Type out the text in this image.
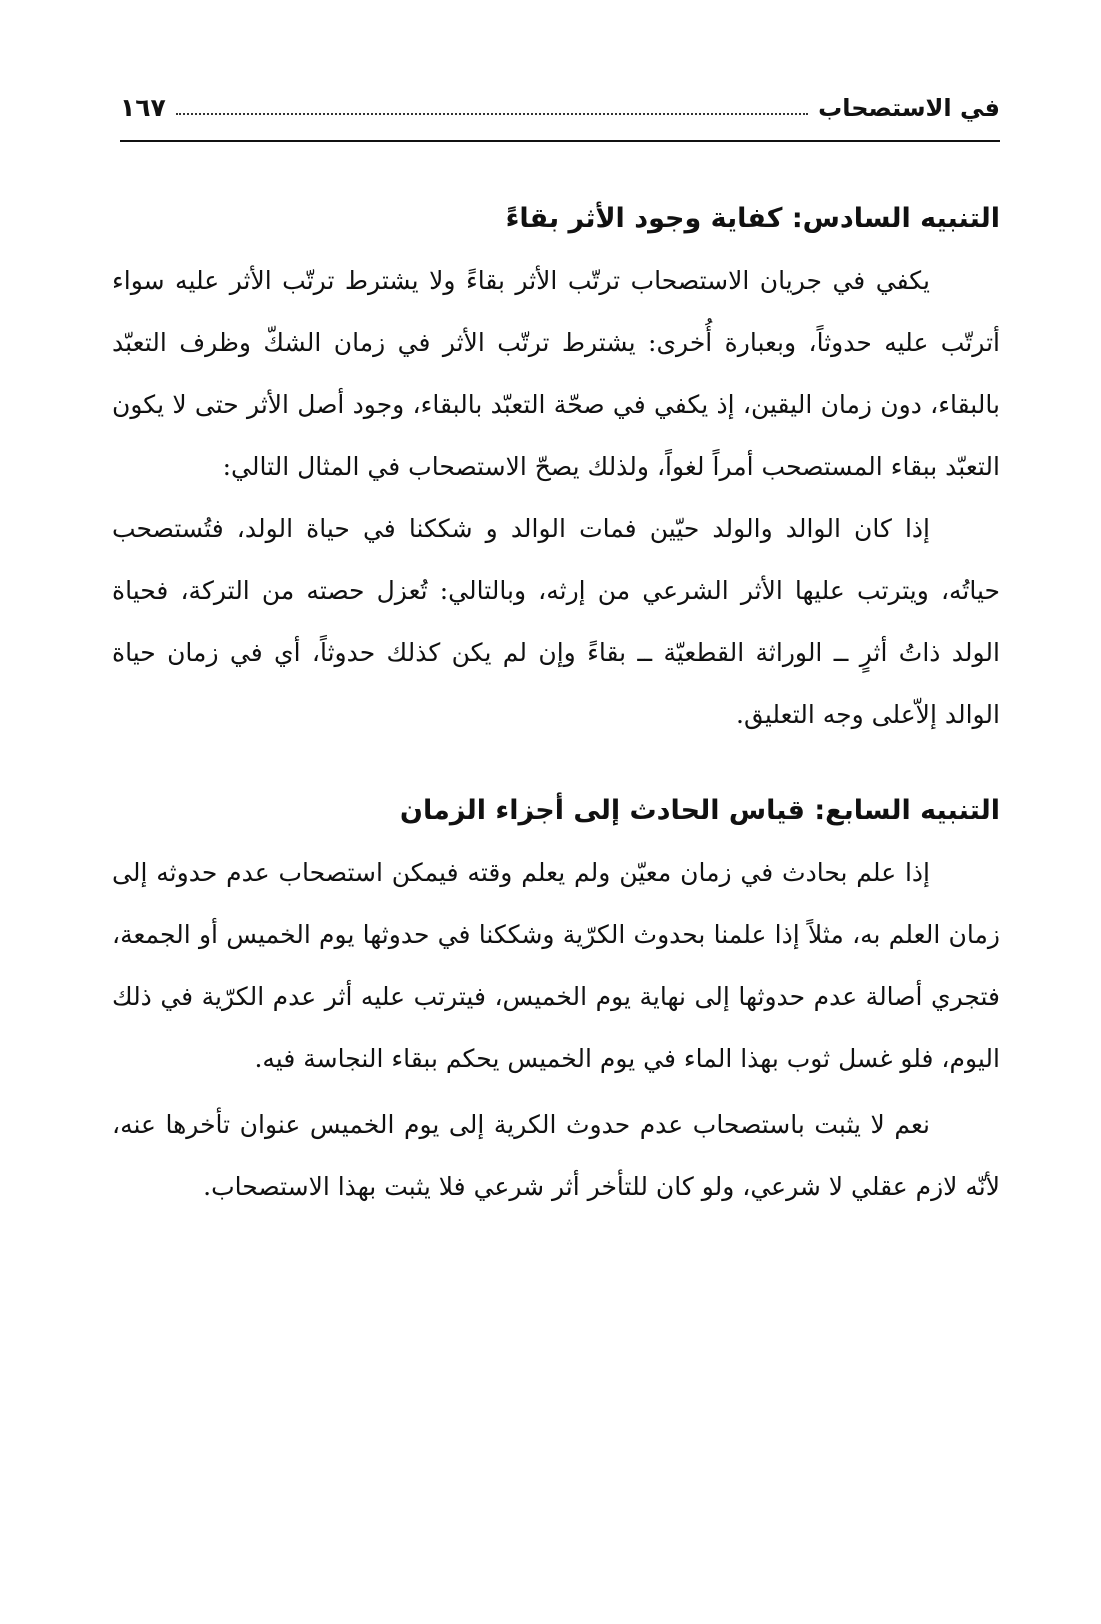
في الاستصحاب
١٦٧
التنبيه السادس: كفاية وجود الأثر بقاءً

يكفي في جريان الاستصحاب ترتّب الأثر بقاءً ولا يشترط ترتّب الأثر عليه سواء أترتّب عليه حدوثاً، وبعبارة أُخرى: يشترط ترتّب الأثر في زمان الشكّ وظرف التعبّد بالبقاء، دون زمان اليقين، إذ يكفي في صحّة التعبّد بالبقاء، وجود أصل الأثر حتى لا يكون التعبّد ببقاء المستصحب أمراً لغواً، ولذلك يصحّ الاستصحاب في المثال التالي:

إذا كان الوالد والولد حيّين فمات الوالد و شككنا في حياة الولد، فتُستصحب حياتُه، ويترتب عليها الأثر الشرعي من إرثه، وبالتالي: تُعزل حصته من التركة، فحياة الولد ذاتُ أثرٍ ــ الوراثة القطعيّة ــ بقاءً وإن لم يكن كذلك حدوثاً، أي في زمان حياة الوالد إلاّعلى وجه التعليق.

التنبيه السابع: قياس الحادث إلى أجزاء الزمان

إذا علم بحادث في زمان معيّن ولم يعلم وقته فيمكن استصحاب عدم حدوثه إلى زمان العلم به، مثلاً إذا علمنا بحدوث الكرّية وشككنا في حدوثها يوم الخميس أو الجمعة، فتجري أصالة عدم حدوثها إلى نهاية يوم الخميس، فيترتب عليه أثر عدم الكرّية في ذلك اليوم، فلو غسل ثوب بهذا الماء في يوم الخميس يحكم ببقاء النجاسة فيه.

نعم لا يثبت باستصحاب عدم حدوث الكرية إلى يوم الخميس عنوان تأخرها عنه، لأنّه لازم عقلي لا شرعي، ولو كان للتأخر أثر شرعي فلا يثبت بهذا الاستصحاب.
